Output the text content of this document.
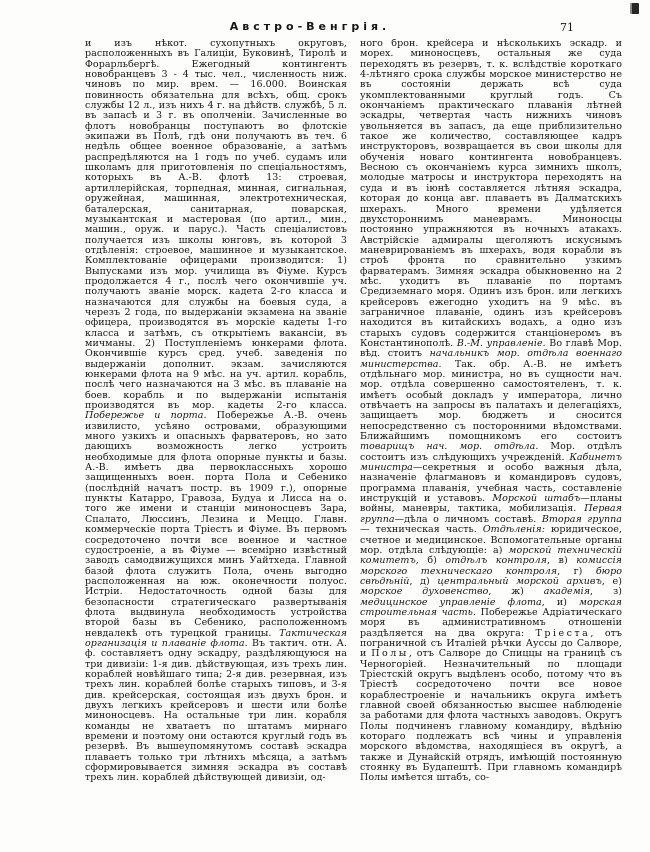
Австро-Венгрія.	71
и изъ нѣкот. сухопутныхъ округовъ, расположенныхъ въ Галиціи, Буковинѣ, Тиролѣ и Форарльбергѣ. Ежегодный контингентъ новобранцевъ 3 - 4 тыс. чел., численность ниж. чиновъ по мир. врем. — 16.000. Воинская повинность обязательна для всѣхъ, общ. срокъ службы 12 л., изъ нихъ 4 г. на дѣйств. службѣ, 5 л. въ запасѣ и 3 г. въ ополченіи. Зачисленные во флотъ новобранцы поступаютъ во флотскіе экипажи въ Полѣ, гдѣ они получаютъ въ теч. 6 недѣль общее военное образованіе, а затѣмъ распредѣляются на 1 годъ по учеб. судамъ или школамъ для приготовленія по спеціальностямъ, которыхъ въ А.-В. флотѣ 13: строевая, артиллерійская, торпедная, минная, сигнальная, оружейная, машинная, электротехническая, баталерская, санитарная, поварская, музыкантская и мастеровая (по артил., мин., машин., оруж. и парус.). Часть спеціалистовъ получается изъ школы юнговъ, въ которой 3 отдѣленія: строевое, машинное и музыкантское. Комплектованіе офицерами производится: 1) Выпусками изъ мор. училища въ Фіуме. Курсъ продолжается 4 г., послѣ чего окончившіе уч. получаютъ званіе морск. кадета 2-го класса и назначаются для службы на боевыя суда, а черезъ 2 года, по выдержаніи экзамена на званіе офицера, производятся въ морскіе кадеты 1-го класса и затѣмъ, съ открытіемъ вакансіи, въ мичманы. 2) Поступленіемъ юнкерами флота. Окончившіе курсъ сред. учеб. заведенія по выдержаніи дополнит. экзам. зачисляются юнкерами флота на 9 мѣс. на уч. артил. корабль, послѣ чего назначаются на 3 мѣс. въ плаваніе на боев. корабль и по выдержаніи испытанія производятся въ мор. кадеты 2-го класса. Побережье и порта. Побережье А.-В. очень извилисто, усѣяно островами, образующими много узкихъ и опасныхъ фарватеровъ, но зато дающихъ возможность легко устроить необходимые для флота опорные пункты и базы. А.-В. имѣетъ два первоклассныхъ хорошо защищенныхъ воен. порта Пола и Себенико (послѣдній начатъ постр. въ 1909 г.), опорные пункты Катарро, Гравоза, Будуа и Лисса на о. того же имени и станціи миноносцевъ Зара, Спалато, Люссинъ, Лезина и Меццо. Главн. коммерческіе порта Тріестъ и Фіуме. Въ первомъ сосредоточено почти все военное и частное судостроеніе, а въ Фіуме — всемірно извѣстный заводъ самодвижущихся минъ Уайтхеда. Главной базой флота служитъ Пола, очень выгодно расположенная на юж. оконечности полуос. Истріи. Недостаточность одной базы для безопасности стратегическаго развертыванія флота выдвинула необходимость устройства второй базы въ Себенико, расположенномъ невдалекѣ отъ турецкой границы. Тактическая организація и плаваніе флота. Въ тактич. отн. А. ф. составляетъ одну эскадру, раздѣляющуюся на три дивизіи: 1-я див. дѣйствующая, изъ трехъ лин. кораблей новѣйшаго типа; 2-я див. резервная, изъ трехъ лин. кораблей болѣе старыхъ типовъ, и 3-я див. крейсерская, состоящая изъ двухъ брон. и двухъ легкихъ крейсеровъ и шести или болѣе миноносцевъ. На остальные три лин. корабля команды не хватаетъ по штатамъ мирнаго времени и поэтому они остаются круглый годъ въ резервѣ. Въ вышеупомянутомъ составѣ эскадра плаваетъ только три лѣтнихъ мѣсяца, а затѣмъ сформировывается зимняя эскадра въ составѣ трехъ лин. кораблей дѣйствующей дивизіи, од-
ного брон. крейсера и нѣсколькихъ эскадр. и морех. миноносцевъ, остальныя же суда переходятъ въ резервъ, т. к. вслѣдствіе короткаго 4-лѣтняго срока службы морское министерство не въ состояніи держать всѣ суда укомплектованными круглый годъ. Съ окончаніемъ практическаго плаванія лѣтней эскадры, четвертая часть нижнихъ чиновъ увольняется въ запасъ, да еще приблизительно такое же количество, составляющее кадръ инструкторовъ, возвращается въ свои школы для обученія новаго контингента новобранцевъ. Весною съ окончаніемъ курса зимнихъ школъ, молодые матросы и инструктора переходятъ на суда и въ іюнѣ составляется лѣтняя эскадра, которая до конца авг. плаваетъ въ Далматскихъ шхерахъ. Много времени удѣляется двухстороннимъ маневрамъ. Миноносцы постоянно упражняются въ ночныхъ атакахъ. Австрійскіе адмиралы щеголяютъ искуснымъ маневрированіемъ въ шхерахъ, водя корабли въ строѣ фронта по сравнительно узкимъ фарватерамъ. Зимняя эскадра обыкновенно на 2 мѣс. уходитъ въ плаваніе по портамъ Средиземнаго моря. Одинъ изъ брон. или легкихъ крейсеровъ ежегодно уходитъ на 9 мѣс. въ заграничное плаваніе, одинъ изъ крейсеровъ находится въ китайскихъ водахъ, а одно изъ старыхъ судовъ содержится станціонеромъ въ Константинополѣ. В.-М. управленіе. Во главѣ Мор. вѣд. стоитъ начальникъ мор. отдѣла военнаго министерства. Так. обр. А.-В. не имѣетъ отдѣльнаго мор. министра, но въ сущности нач. мор. отдѣла совершенно самостоятеленъ, т. к. имѣетъ особый докладъ у императора, лично отвѣчаетъ на запросы въ палатахъ и делегаціяхъ, защищаетъ мор. бюджетъ и сносится непосредственно съ посторонними вѣдомствами. Ближайшимъ помощникомъ его состоитъ товарищъ нач. мор. отдѣла. Мор. отдѣлъ состоитъ изъ слѣдующихъ учрежденій. Кабинетъ министра—секретныя и особо важныя дѣла, назначеніе флагмановъ и командировъ судовъ, программа плаванія, учебная часть, составленіе инструкцій и уставовъ. Морской штабъ—планы войны, маневры, тактика, мобилизація. Первая группа—дѣла о личномъ составѣ. Вторая группа — техническая часть. Отдѣленія: юридическое, счетное и медицинское. Вспомогательные органы мор. отдѣла слѣдующіе: а) морской техническій комитетъ, б) отдѣлъ контроля, в) комиссія морского техническаго контроля, г) бюро свѣдѣній, д) центральный морской архивъ, е) морское духовенство, ж) академія, з) медицинское управленіе флота, и) морская строительная часть. Побережье Адріатическаго моря въ административномъ отношеніи раздѣляется на два округа: Тріеста, отъ пограничной съ Италіей рѣчки Ауссы до Салворе, и Полы, отъ Салворе до Спиццы на границѣ съ Черногоріей. Незначительный по площади Тріестскій округъ выдѣленъ особо, потому что въ Тріестѣ сосредоточено почти все новое кораблестроеніе и начальникъ округа имѣетъ главной своей обязанностью высшее наблюденіе за работами для флота частныхъ заводовъ. Округъ Полы подчиненъ главному командиру, вѣдѣнію котораго подлежатъ всѣ чины и управленія морского вѣдомства, находящіеся въ округѣ, а также и Дунайскій отрядъ, имѣющій постоянную стоянку въ Будапештѣ. При главномъ командирѣ Полы имѣется штабъ, со-
